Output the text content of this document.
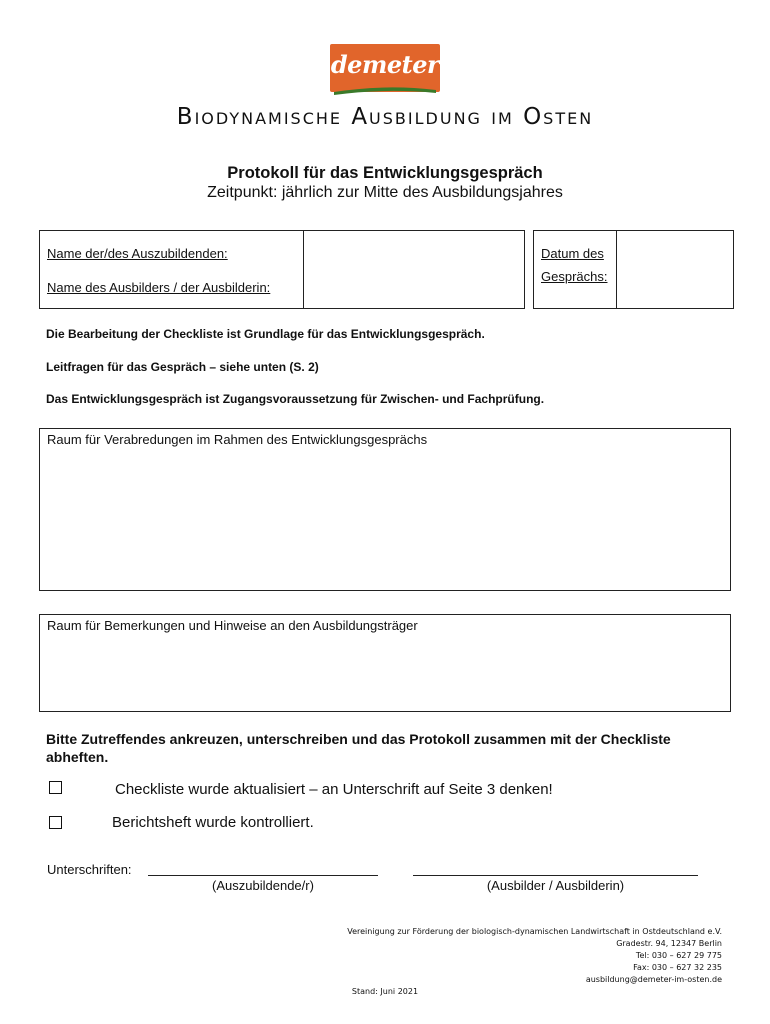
demeter
Biodynamische Ausbildung im Osten
Protokoll für das Entwicklungsgespräch
Zeitpunkt: jährlich zur Mitte des Ausbildungsjahres
Name der/des Auszubildenden:
Name des Ausbilders / der Ausbilderin:
Datum des
Gesprächs:
Die Bearbeitung der Checkliste ist Grundlage für das Entwicklungsgespräch.
Leitfragen für das Gespräch – siehe unten (S. 2)
Das Entwicklungsgespräch ist Zugangsvoraussetzung für Zwischen- und Fachprüfung.
Raum für Verabredungen im Rahmen des Entwicklungsgesprächs
Raum für Bemerkungen und Hinweise an den Ausbildungsträger
Bitte Zutreffendes ankreuzen, unterschreiben und das Protokoll zusammen mit der Checkliste abheften.
Checkliste wurde aktualisiert – an Unterschrift auf Seite 3 denken!
Berichtsheft wurde kontrolliert.
Unterschriften:
(Auszubildende/r)	(Ausbilder / Ausbilderin)
Vereinigung zur Förderung der biologisch-dynamischen Landwirtschaft in Ostdeutschland e.V.
Gradestr. 94, 12347 Berlin
Tel: 030 – 627 29 775
Fax: 030 – 627 32 235
ausbildung@demeter-im-osten.de
Stand: Juni 2021
